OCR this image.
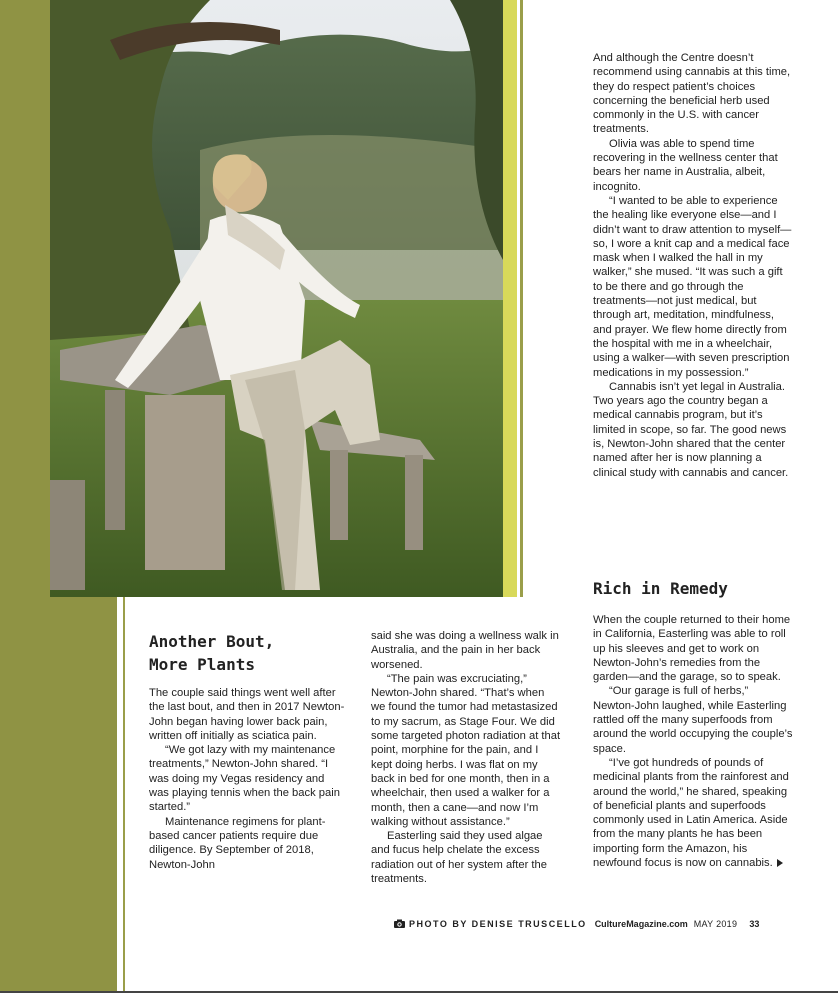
And although the Centre doesn’t recommend using cannabis at this time, they do respect patient’s choices concerning the beneficial herb used commonly in the U.S. with cancer treatments.

Olivia was able to spend time recovering in the wellness center that bears her name in Australia, albeit, incognito.

“I wanted to be able to experience the healing like everyone else—and I didn’t want to draw attention to myself—so, I wore a knit cap and a medical face mask when I walked the hall in my walker,” she mused. “It was such a gift to be there and go through the treatments—not just medical, but through art, meditation, mindfulness, and prayer. We flew home directly from the hospital with me in a wheelchair, using a walker—with seven prescription medications in my possession.”

Cannabis isn’t yet legal in Australia. Two years ago the country began a medical cannabis program, but it’s limited in scope, so far. The good news is, Newton-John shared that the center named after her is now planning a clinical study with cannabis and cancer.

Rich in Remedy

When the couple returned to their home in California, Easterling was able to roll up his sleeves and get to work on Newton-John’s remedies from the garden—and the garage, so to speak.

“Our garage is full of herbs,” Newton-John laughed, while Easterling rattled off the many superfoods from around the world occupying the couple’s space.

“I’ve got hundreds of pounds of medicinal plants from the rainforest and around the world,” he shared, speaking of beneficial plants and superfoods commonly used in Latin America. Aside from the many plants he has been importing form the Amazon, his newfound focus is now on cannabis.

Another Bout,
More Plants

The couple said things went well after the last bout, and then in 2017 Newton-John began having lower back pain, written off initially as sciatica pain.

“We got lazy with my maintenance treatments,” Newton-John shared. “I was doing my Vegas residency and was playing tennis when the back pain started.”

Maintenance regimens for plant-based cancer patients require due diligence. By September of 2018, Newton-John

said she was doing a wellness walk in Australia, and the pain in her back worsened.

“The pain was excruciating,” Newton-John shared. “That’s when we found the tumor had metastasized to my sacrum, as Stage Four. We did some targeted photon radiation at that point, morphine for the pain, and I kept doing herbs. I was flat on my back in bed for one month, then in a wheelchair, then used a walker for a month, then a cane—and now I’m walking without assistance.”

Easterling said they used algae and fucus help chelate the excess radiation out of her system after the treatments.

PHOTO BY DENISE TRUSCELLO CultureMagazine.com MAY 2019 33
